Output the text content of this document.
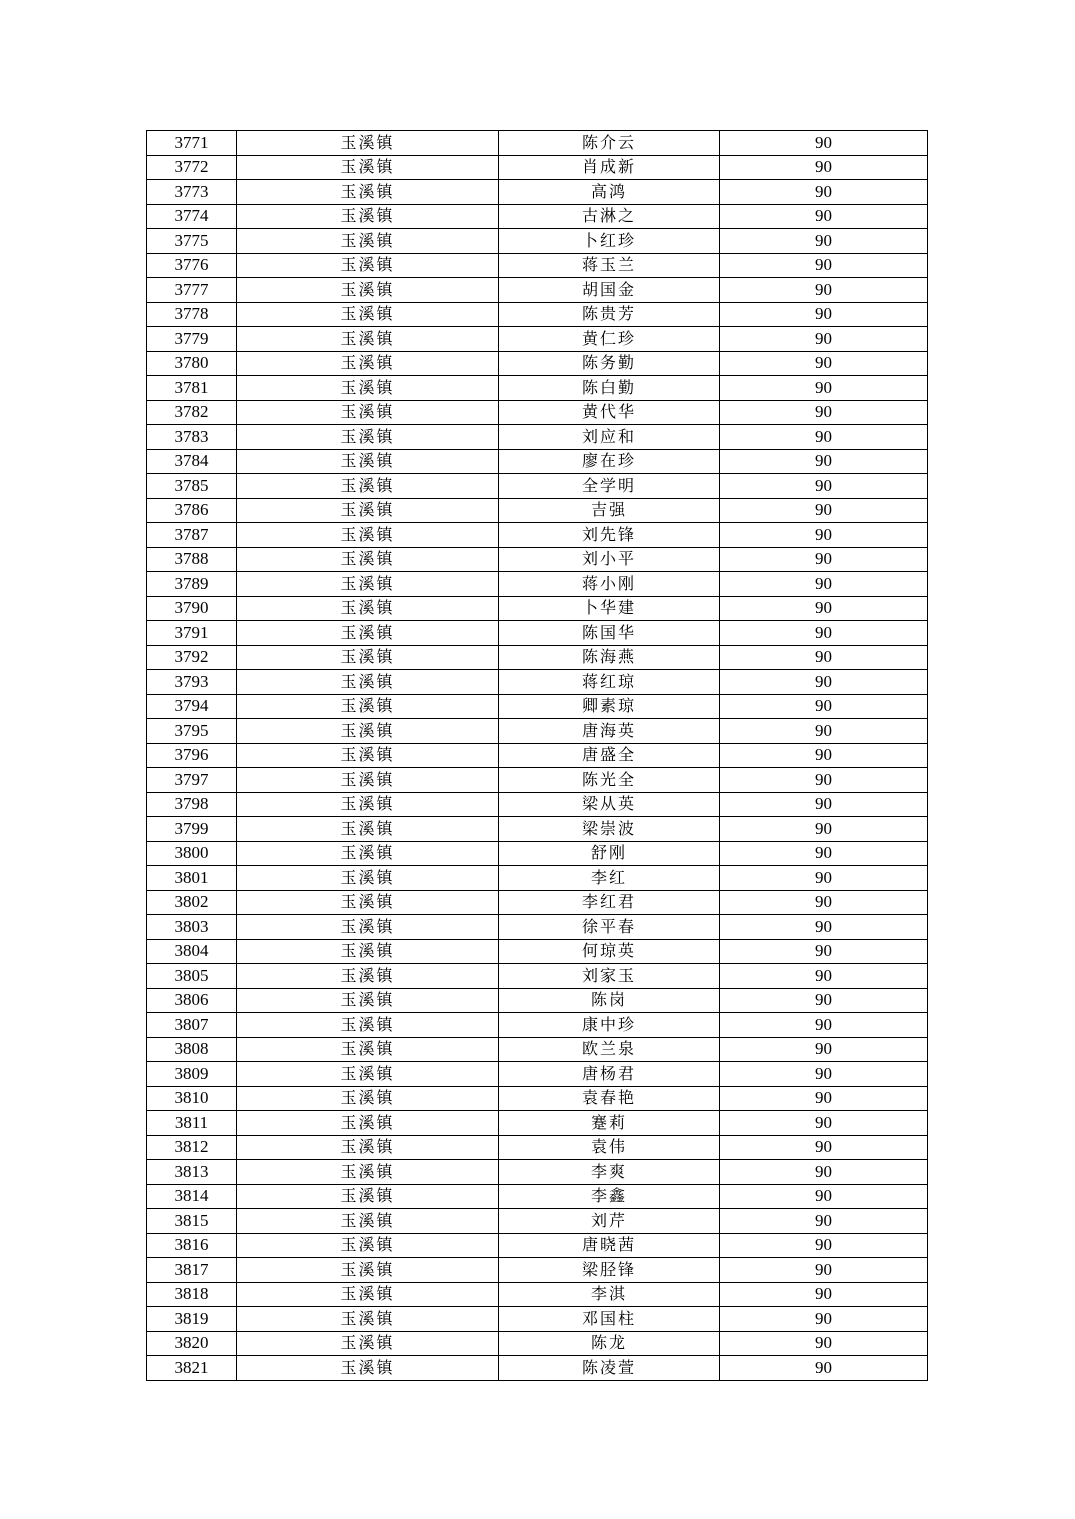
3771	玉溪镇	陈介云	90
3772	玉溪镇	肖成新	90
3773	玉溪镇	高鸿	90
3774	玉溪镇	古淋之	90
3775	玉溪镇	卜红珍	90
3776	玉溪镇	蒋玉兰	90
3777	玉溪镇	胡国金	90
3778	玉溪镇	陈贵芳	90
3779	玉溪镇	黄仁珍	90
3780	玉溪镇	陈务勤	90
3781	玉溪镇	陈白勤	90
3782	玉溪镇	黄代华	90
3783	玉溪镇	刘应和	90
3784	玉溪镇	廖在珍	90
3785	玉溪镇	全学明	90
3786	玉溪镇	吉强	90
3787	玉溪镇	刘先锋	90
3788	玉溪镇	刘小平	90
3789	玉溪镇	蒋小刚	90
3790	玉溪镇	卜华建	90
3791	玉溪镇	陈国华	90
3792	玉溪镇	陈海燕	90
3793	玉溪镇	蒋红琼	90
3794	玉溪镇	卿素琼	90
3795	玉溪镇	唐海英	90
3796	玉溪镇	唐盛全	90
3797	玉溪镇	陈光全	90
3798	玉溪镇	梁从英	90
3799	玉溪镇	梁崇波	90
3800	玉溪镇	舒刚	90
3801	玉溪镇	李红	90
3802	玉溪镇	李红君	90
3803	玉溪镇	徐平春	90
3804	玉溪镇	何琼英	90
3805	玉溪镇	刘家玉	90
3806	玉溪镇	陈岗	90
3807	玉溪镇	康中珍	90
3808	玉溪镇	欧兰泉	90
3809	玉溪镇	唐杨君	90
3810	玉溪镇	袁春艳	90
3811	玉溪镇	蹇莉	90
3812	玉溪镇	袁伟	90
3813	玉溪镇	李爽	90
3814	玉溪镇	李鑫	90
3815	玉溪镇	刘芹	90
3816	玉溪镇	唐晓茜	90
3817	玉溪镇	梁胫锋	90
3818	玉溪镇	李淇	90
3819	玉溪镇	邓国柱	90
3820	玉溪镇	陈龙	90
3821	玉溪镇	陈凌萱	90
